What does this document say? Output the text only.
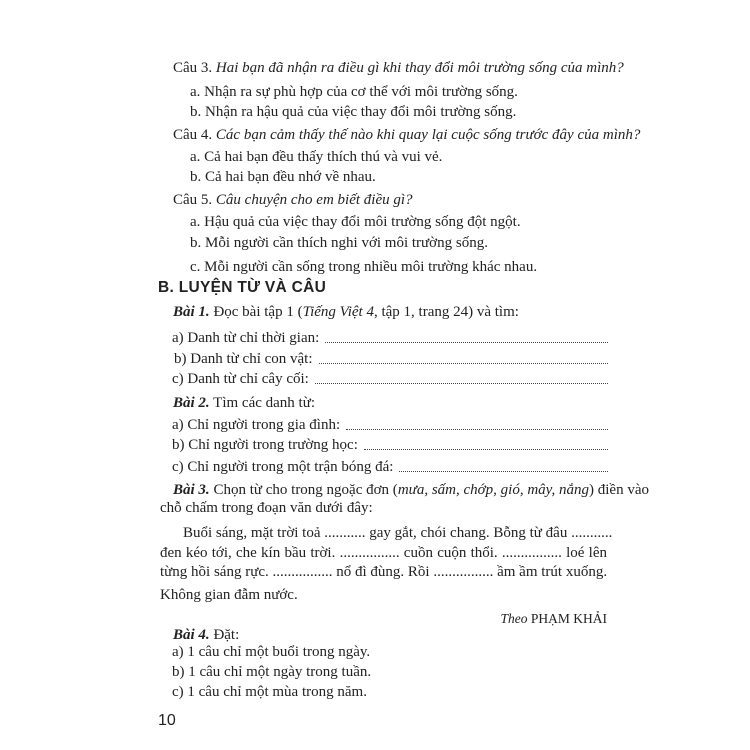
Câu 3. Hai bạn đã nhận ra điều gì khi thay đổi môi trường sống của mình?
a. Nhận ra sự phù hợp của cơ thể với môi trường sống.
b. Nhận ra hậu quả của việc thay đổi môi trường sống.
Câu 4. Các bạn cảm thấy thế nào khi quay lại cuộc sống trước đây của mình?
a. Cả hai bạn đều thấy thích thú và vui vẻ.
b. Cả hai bạn đều nhớ về nhau.
Câu 5. Câu chuyện cho em biết điều gì?
a. Hậu quả của việc thay đổi môi trường sống đột ngột.
b. Mỗi người cần thích nghi với môi trường sống.
c. Mỗi người cần sống trong nhiều môi trường khác nhau.
B. LUYỆN TỪ VÀ CÂU
Bài 1. Đọc bài tập 1 (Tiếng Việt 4, tập 1, trang 24) và tìm:
a) Danh từ chỉ thời gian:
b) Danh từ chỉ con vật:
c) Danh từ chỉ cây cối:
Bài 2. Tìm các danh từ:
a) Chỉ người trong gia đình:
b) Chỉ người trong trường học:
c) Chỉ người trong một trận bóng đá:
Bài 3. Chọn từ cho trong ngoặc đơn (mưa, sấm, chớp, gió, mây, nắng) điền vào
chỗ chấm trong đoạn văn dưới đây:
Buổi sáng, mặt trời toả ........... gay gắt, chói chang. Bỗng từ đâu ...........
đen kéo tới, che kín bầu trời. ................ cuồn cuộn thổi. ................ loé lên
từng hồi sáng rực. ................ nổ đì đùng. Rồi ................ ầm ầm trút xuống.
Không gian đẫm nước.
Theo PHẠM KHẢI
Bài 4. Đặt:
a) 1 câu chỉ một buổi trong ngày.
b) 1 câu chỉ một ngày trong tuần.
c) 1 câu chỉ một mùa trong năm.
10
